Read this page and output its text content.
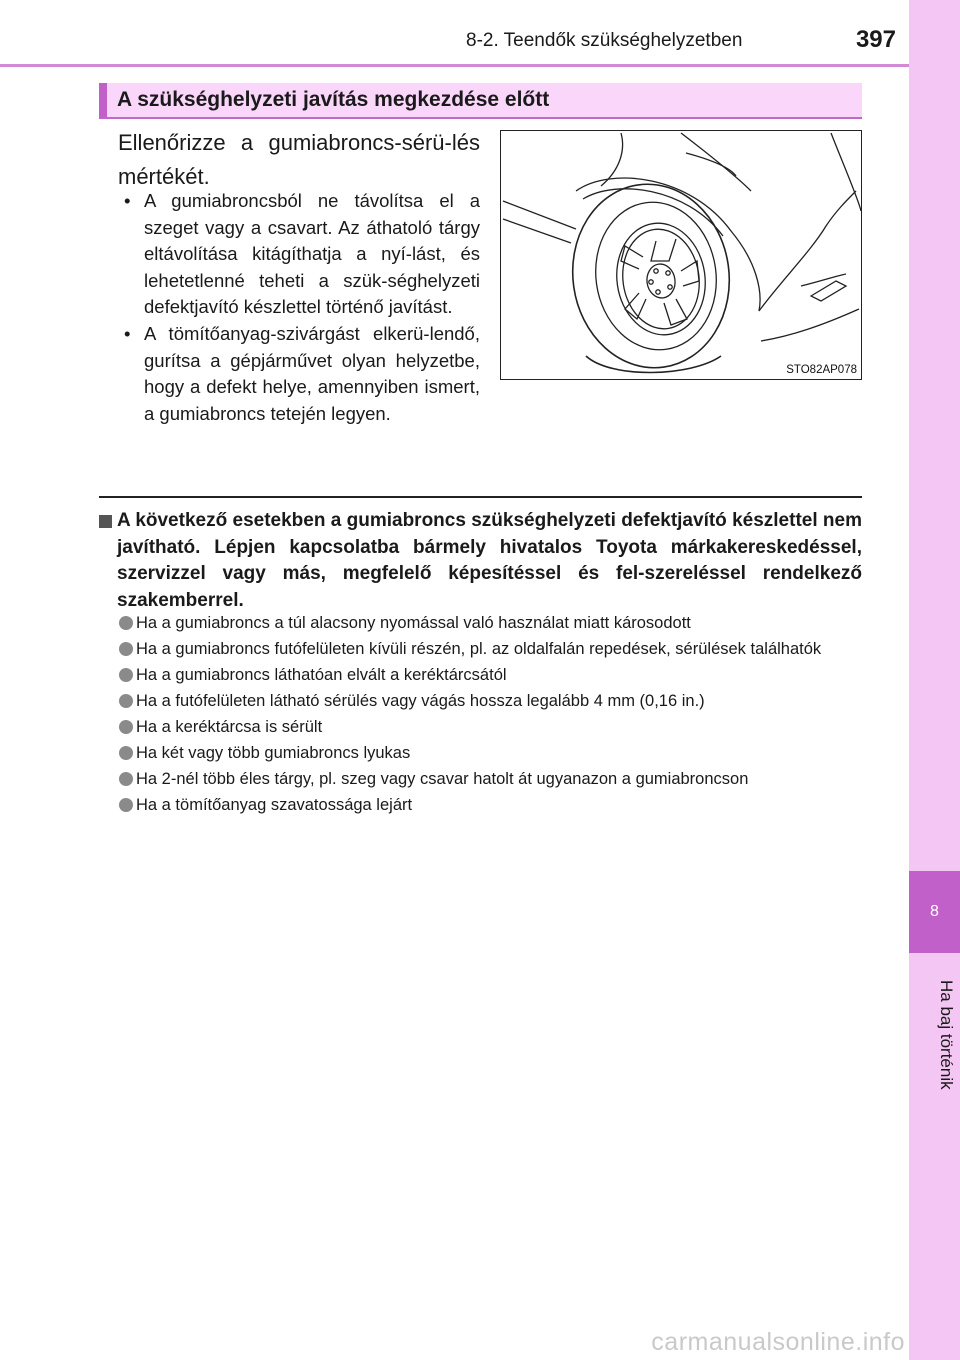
8
Ha baj történik
8-2. Teendők szükséghelyzetben	397
A szükséghelyzeti javítás megkezdése előtt
Ellenőrizze a gumiabroncs-sérü-lés mértékét.
• A gumiabroncsból ne távolítsa el a szeget vagy a csavart. Az áthatoló tárgy eltávolítása kitágíthatja a nyí-lást, és lehetetlenné teheti a szük-séghelyzeti defektjavító készlettel történő javítást.
• A tömítőanyag-szivárgást elkerü-lendő, gurítsa a gépjárművet olyan helyzetbe, hogy a defekt helye, amennyiben ismert, a gumiabroncs tetején legyen.
STO82AP078
A következő esetekben a gumiabroncs szükséghelyzeti defektjavító készlettel nem javítható. Lépjen kapcsolatba bármely hivatalos Toyota márkakereskedéssel, szervizzel vagy más, megfelelő képesítéssel és fel-szereléssel rendelkező szakemberrel.
Ha a gumiabroncs a túl alacsony nyomással való használat miatt károsodott
Ha a gumiabroncs futófelületen kívüli részén, pl. az oldalfalán repedések, sérülések találhatók
Ha a gumiabroncs láthatóan elvált a keréktárcsától
Ha a futófelületen látható sérülés vagy vágás hossza legalább 4 mm (0,16 in.)
Ha a keréktárcsa is sérült
Ha két vagy több gumiabroncs lyukas
Ha 2-nél több éles tárgy, pl. szeg vagy csavar hatolt át ugyanazon a gumiabroncson
Ha a tömítőanyag szavatossága lejárt
carmanualsonline.info
